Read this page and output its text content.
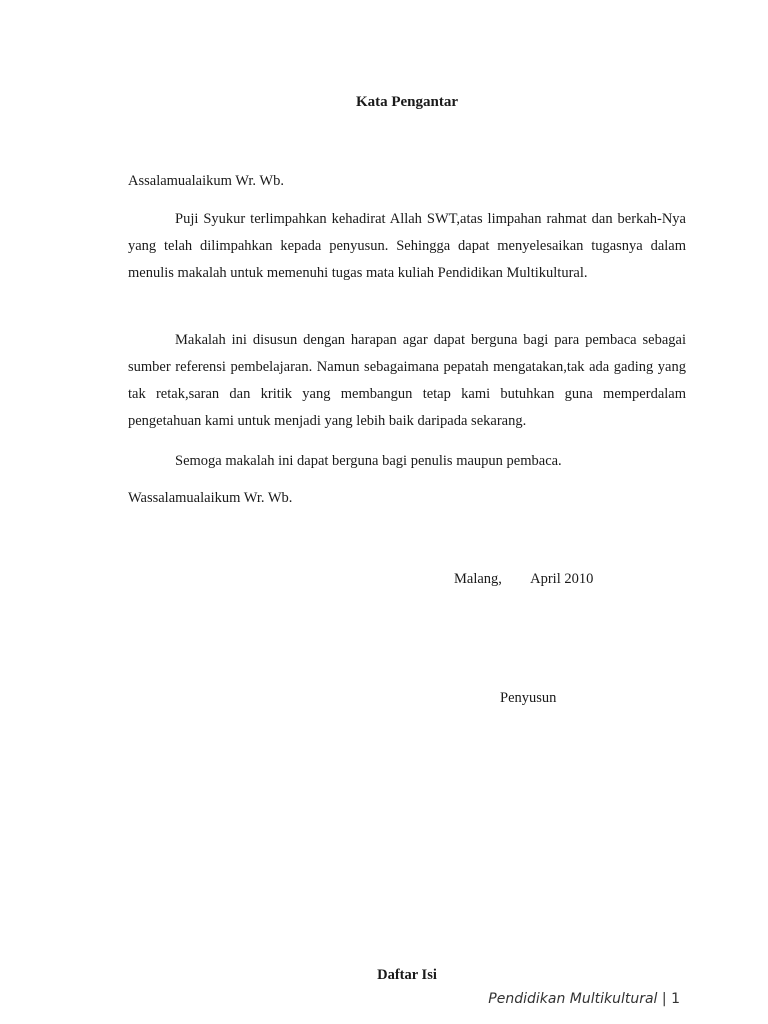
Kata Pengantar
Assalamualaikum Wr. Wb.

Puji Syukur terlimpahkan kehadirat Allah SWT,atas limpahan rahmat dan berkah-Nya yang telah dilimpahkan kepada penyusun. Sehingga dapat menyelesaikan tugasnya dalam menulis makalah untuk memenuhi tugas mata kuliah Pendidikan Multikultural.

Makalah ini disusun dengan harapan agar dapat berguna bagi para pembaca sebagai sumber referensi pembelajaran. Namun sebagaimana pepatah mengatakan,tak ada gading yang tak retak,saran dan kritik yang membangun tetap kami butuhkan guna memperdalam pengetahuan kami untuk menjadi yang lebih baik daripada sekarang.

Semoga makalah ini dapat berguna bagi penulis maupun pembaca.

Wassalamualaikum Wr. Wb.
Malang,        April 2010
Penyusun
Daftar Isi
Pendidikan Multikultural | 1
